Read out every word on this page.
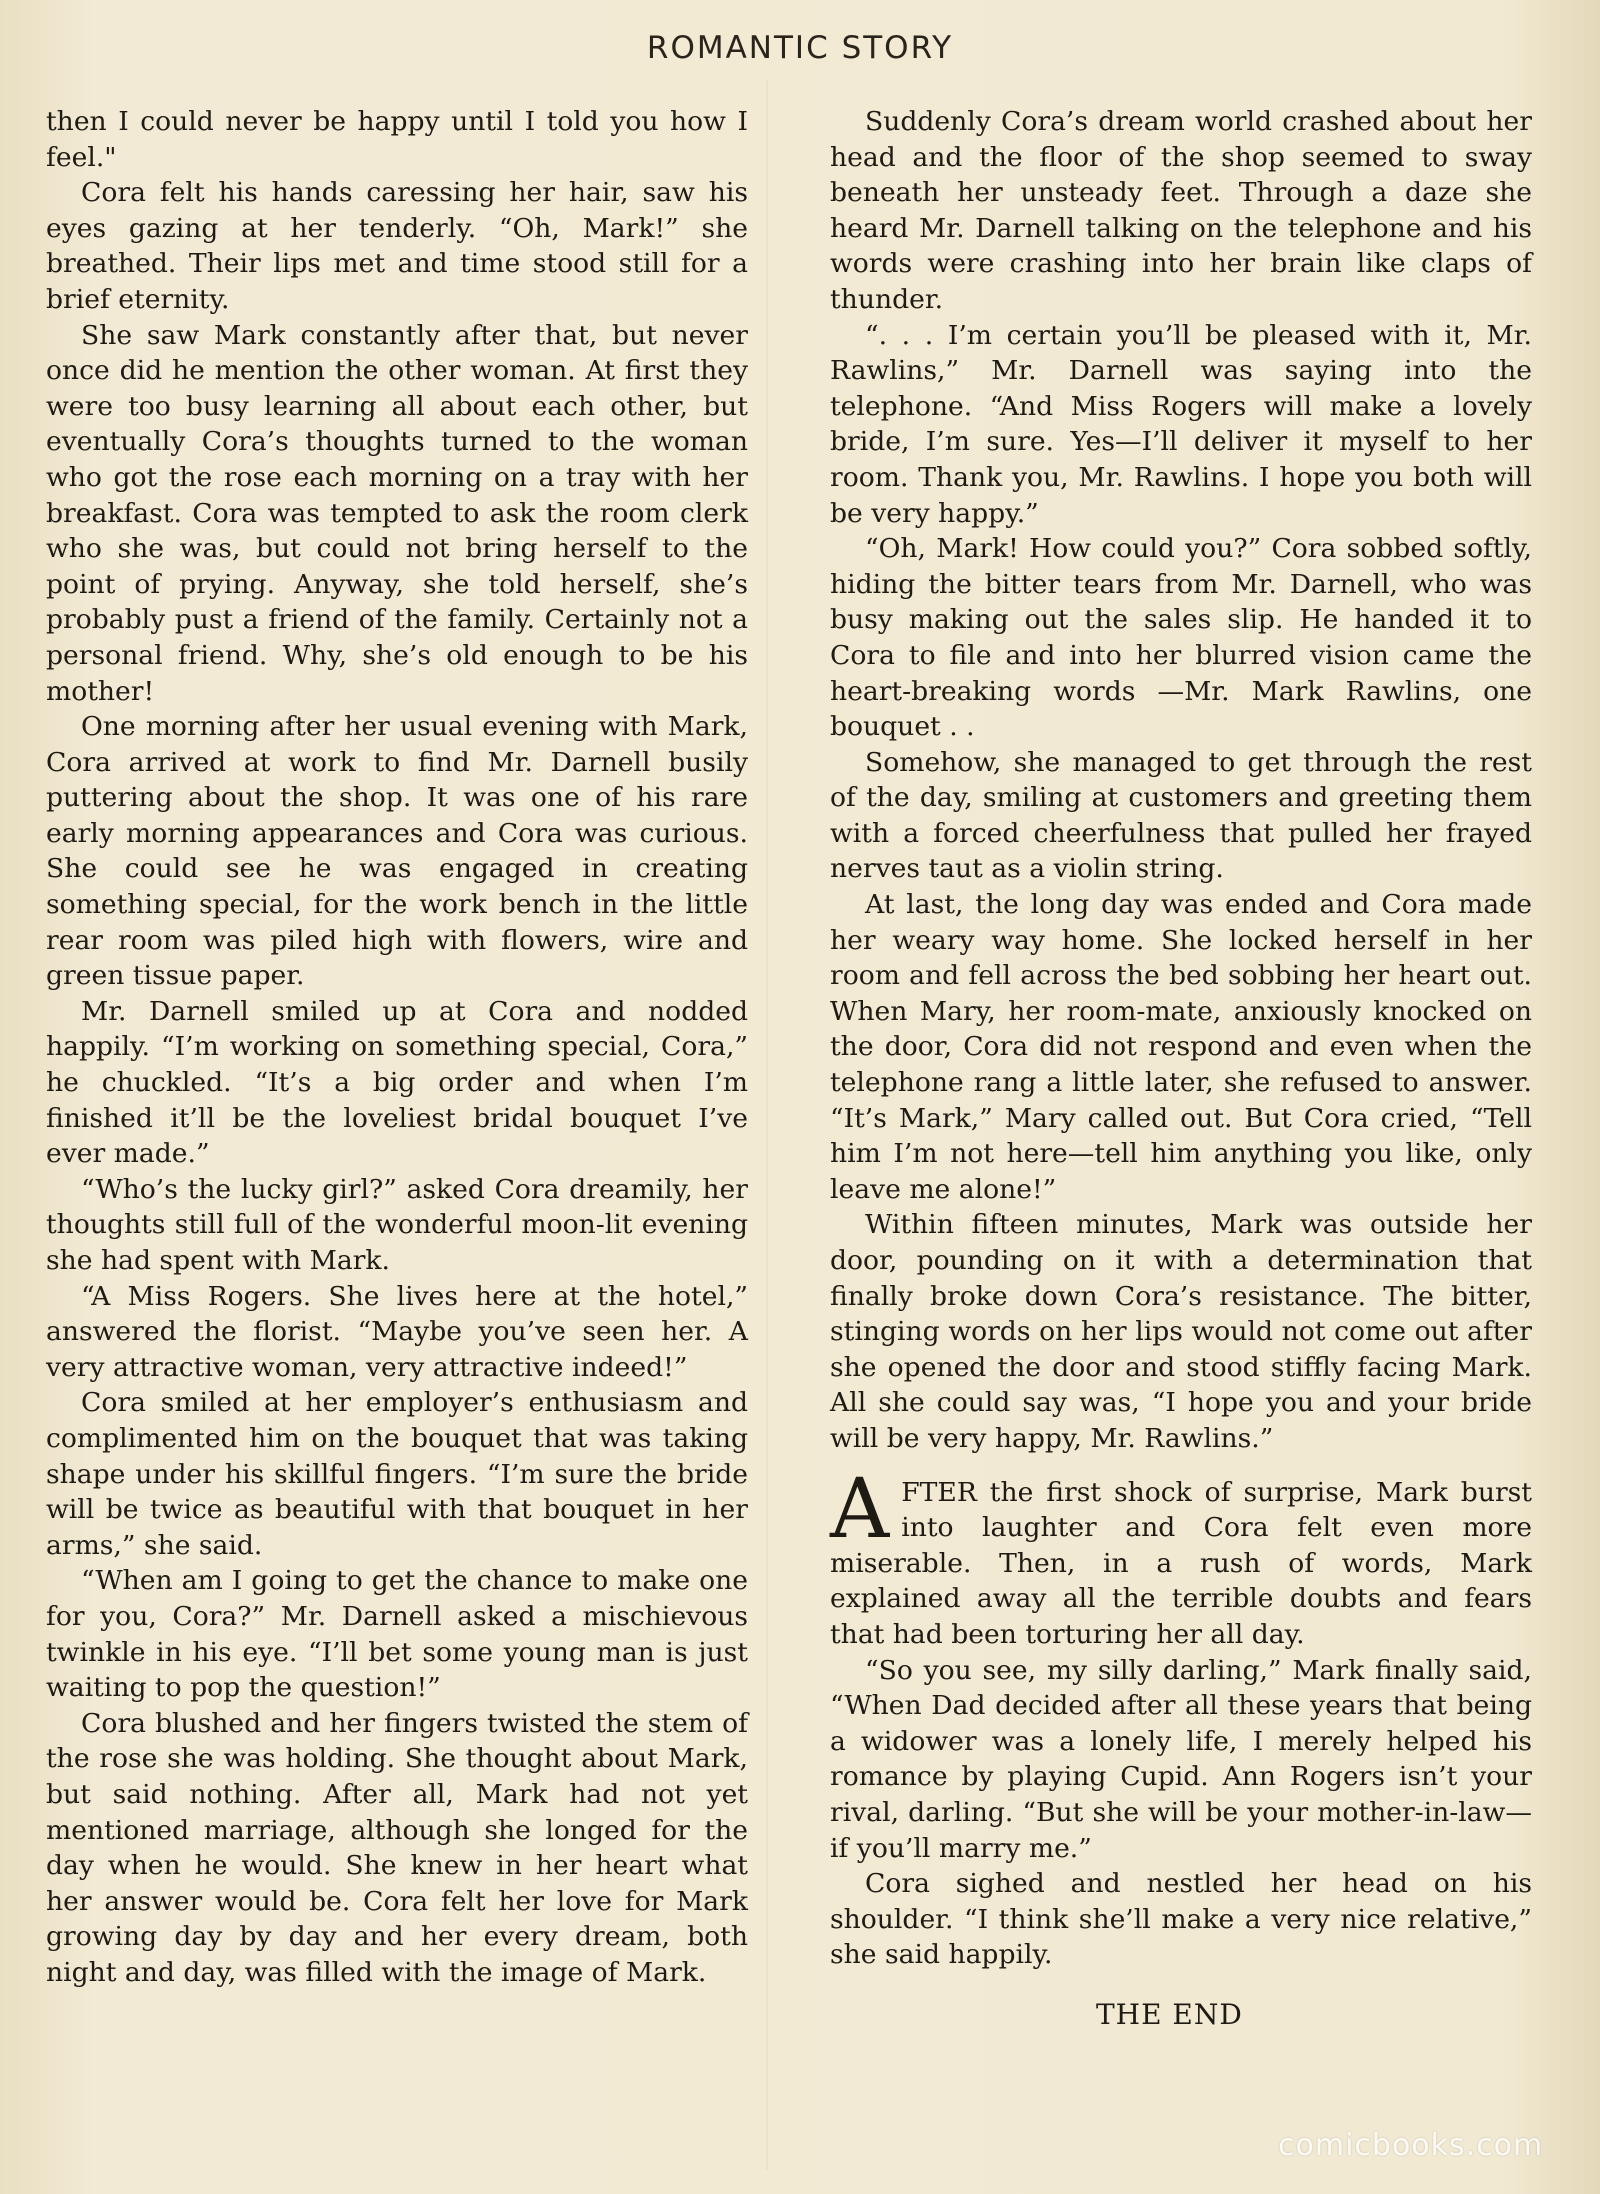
ROMANTIC STORY

then I could never be happy until I told you how I feel."

Cora felt his hands caressing her hair, saw his eyes gazing at her tenderly. “Oh, Mark!” she breathed. Their lips met and time stood still for a brief eternity.

She saw Mark constantly after that, but never once did he mention the other woman. At first they were too busy learning all about each other, but eventually Cora’s thoughts turned to the woman who got the rose each morning on a tray with her breakfast. Cora was tempted to ask the room clerk who she was, but could not bring herself to the point of prying. Anyway, she told herself, she’s probably pust a friend of the family. Certainly not a personal friend. Why, she’s old enough to be his mother!

One morning after her usual evening with Mark, Cora arrived at work to find Mr. Darnell busily puttering about the shop. It was one of his rare early morning appearances and Cora was curious. She could see he was engaged in creating something special, for the work bench in the little rear room was piled high with flowers, wire and green tissue paper.

Mr. Darnell smiled up at Cora and nodded happily. “I’m working on something special, Cora,” he chuckled. “It’s a big order and when I’m finished it’ll be the loveliest bridal bouquet I’ve ever made.”

“Who’s the lucky girl?” asked Cora dreamily, her thoughts still full of the wonderful moon-lit evening she had spent with Mark.

“A Miss Rogers. She lives here at the hotel,” answered the florist. “Maybe you’ve seen her. A very attractive woman, very attractive indeed!”

Cora smiled at her employer’s enthusiasm and complimented him on the bouquet that was taking shape under his skillful fingers. “I’m sure the bride will be twice as beautiful with that bouquet in her arms,” she said.

“When am I going to get the chance to make one for you, Cora?” Mr. Darnell asked a mischievous twinkle in his eye. “I’ll bet some young man is just waiting to pop the question!”

Cora blushed and her fingers twisted the stem of the rose she was holding. She thought about Mark, but said nothing. After all, Mark had not yet mentioned marriage, although she longed for the day when he would. She knew in her heart what her answer would be. Cora felt her love for Mark growing day by day and her every dream, both night and day, was filled with the image of Mark.

Suddenly Cora’s dream world crashed about her head and the floor of the shop seemed to sway beneath her unsteady feet. Through a daze she heard Mr. Darnell talking on the telephone and his words were crashing into her brain like claps of thunder.

“. . . I’m certain you’ll be pleased with it, Mr. Rawlins,” Mr. Darnell was saying into the telephone. “And Miss Rogers will make a lovely bride, I’m sure. Yes—I’ll deliver it myself to her room. Thank you, Mr. Rawlins. I hope you both will be very happy.”

“Oh, Mark! How could you?” Cora sobbed softly, hiding the bitter tears from Mr. Darnell, who was busy making out the sales slip. He handed it to Cora to file and into her blurred vision came the heart-breaking words —Mr. Mark Rawlins, one bouquet . .

Somehow, she managed to get through the rest of the day, smiling at customers and greeting them with a forced cheerfulness that pulled her frayed nerves taut as a violin string.

At last, the long day was ended and Cora made her weary way home. She locked herself in her room and fell across the bed sobbing her heart out. When Mary, her room-mate, anxiously knocked on the door, Cora did not respond and even when the telephone rang a little later, she refused to answer. “It’s Mark,” Mary called out. But Cora cried, “Tell him I’m not here—tell him anything you like, only leave me alone!”

Within fifteen minutes, Mark was outside her door, pounding on it with a determination that finally broke down Cora’s resistance. The bitter, stinging words on her lips would not come out after she opened the door and stood stiffly facing Mark. All she could say was, “I hope you and your bride will be very happy, Mr. Rawlins.”

AFTER the first shock of surprise, Mark burst into laughter and Cora felt even more miserable. Then, in a rush of words, Mark explained away all the terrible doubts and fears that had been torturing her all day.

“So you see, my silly darling,” Mark finally said, “When Dad decided after all these years that being a widower was a lonely life, I merely helped his romance by playing Cupid. Ann Rogers isn’t your rival, darling. “But she will be your mother-in-law—if you’ll marry me.”

Cora sighed and nestled her head on his shoulder. “I think she’ll make a very nice relative,” she said happily.

THE END
comicbooks.com
